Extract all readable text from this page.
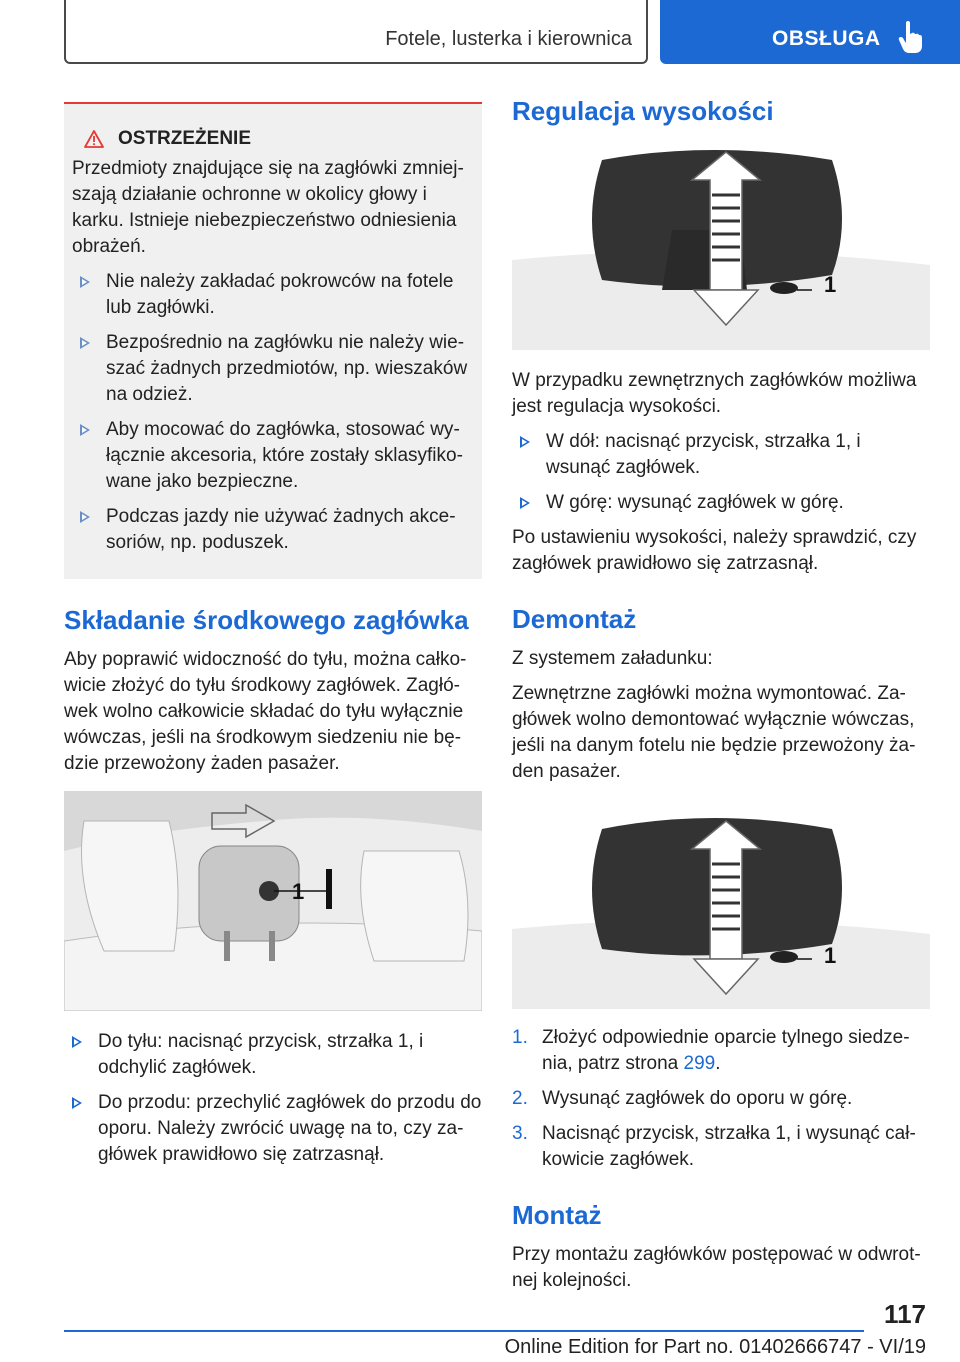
Fotele, lusterka i kierownica	OBSŁUGA
OSTRZEŻENIE

Przedmioty znajdujące się na zagłówki zmniejszają działanie ochronne w okolicy głowy i karku. Istnieje niebezpieczeństwo odniesienia obrażeń.

Nie należy zakładać pokrowców na fotele lub zagłówki.
Bezpośrednio na zagłówku nie należy wieszać żadnych przedmiotów, np. wieszaków na odzież.
Aby mocować do zagłówka, stosować wyłącznie akcesoria, które zostały sklasyfikowane jako bezpieczne.
Podczas jazdy nie używać żadnych akcesoriów, np. poduszek.
Składanie środkowego zagłówka

Aby poprawić widoczność do tyłu, można całkowicie złożyć do tyłu środkowy zagłówek. Zagłówek wolno całkowicie składać do tyłu wyłącznie wówczas, jeśli na środkowym siedzeniu nie będzie przewożony żaden pasażer.

1
Do tyłu: nacisnąć przycisk, strzałka 1, i odchylić zagłówek.
Do przodu: przechylić zagłówek do przodu do oporu. Należy zwrócić uwagę na to, czy zagłówek prawidłowo się zatrzasnął.
Regulacja wysokości
1

W przypadku zewnętrznych zagłówków możliwa jest regulacja wysokości.

W dół: nacisnąć przycisk, strzałka 1, i wsunąć zagłówek.
W górę: wysunąć zagłówek w górę.

Po ustawieniu wysokości, należy sprawdzić, czy zagłówek prawidłowo się zatrzasnął.

Demontaż

Z systemem załadunku:

Zewnętrzne zagłówki można wymontować. Zagłówek wolno demontować wyłącznie wówczas, jeśli na danym fotelu nie będzie przewożony żaden pasażer.

1
1. Złożyć odpowiednie oparcie tylnego siedzenia, patrz strona 299.
2. Wysunąć zagłówek do oporu w górę.
3. Nacisnąć przycisk, strzałka 1, i wysunąć całkowicie zagłówek.
Montaż

Przy montażu zagłówków postępować w odwrotnej kolejności.

117
Online Edition for Part no. 01402666747 - VI/19
